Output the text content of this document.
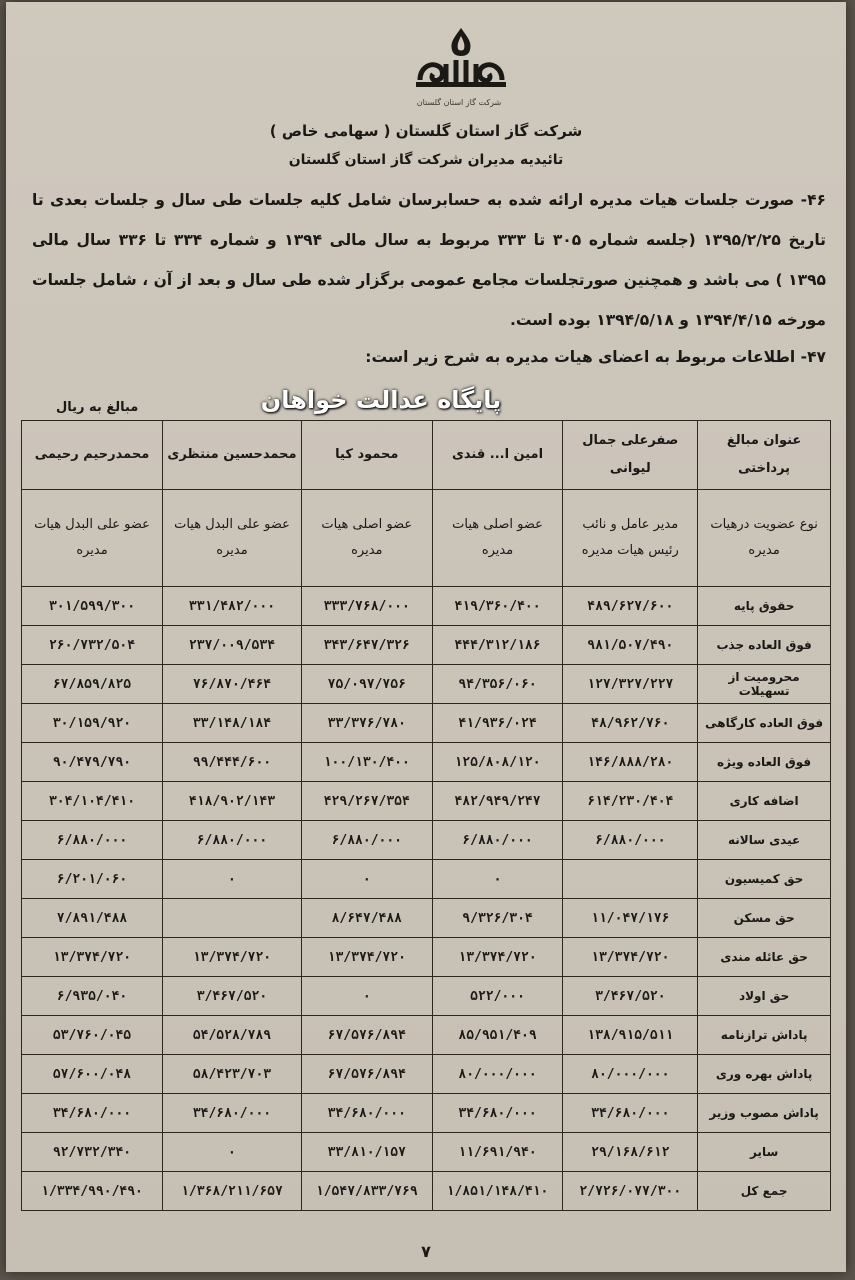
شرکت گاز استان گلستان
شرکت گاز استان گلستان ( سهامی خاص )
تائیدیه مدیران شرکت گاز استان گلستان
۴۶- صورت جلسات هیات مدیره ارائه شده به حسابرسان شامل کلیه جلسات طی سال و جلسات بعدی تا تاریخ ۱۳۹۵/۲/۲۵ (جلسه شماره ۳۰۵ تا ۳۳۳ مربوط به سال مالی ۱۳۹۴ و شماره ۳۳۴ تا ۳۳۶ سال مالی ۱۳۹۵ ) می باشد و همچنین صورتجلسات مجامع عمومی برگزار شده طی سال و بعد از آن ، شامل جلسات مورخه ۱۳۹۴/۴/۱۵ و ۱۳۹۴/۵/۱۸ بوده است.
۴۷- اطلاعات مربوط به اعضای هیات مدیره به شرح زیر است:
مبالغ به ریال
عنوان مبالغ پرداختی	صفرعلی جمال لیوانی	امین ا... قندی	محمود کیا	محمدحسین منتظری	محمدرحیم رحیمی
نوع عضویت درهیات مدیره	مدیر عامل و نائب رئیس هیات مدیره	عضو اصلی هیات مدیره	عضو اصلی هیات مدیره	عضو علی البدل هیات مدیره	عضو علی البدل هیات مدیره
حقوق پایه	۴۸۹/۶۲۷/۶۰۰	۴۱۹/۳۶۰/۴۰۰	۳۳۳/۷۶۸/۰۰۰	۳۳۱/۴۸۲/۰۰۰	۳۰۱/۵۹۹/۳۰۰
فوق العاده جذب	۹۸۱/۵۰۷/۴۹۰	۴۴۴/۳۱۲/۱۸۶	۳۴۳/۶۴۷/۳۲۶	۲۳۷/۰۰۹/۵۳۴	۲۶۰/۷۳۲/۵۰۴
محرومیت از تسهیلات	۱۲۷/۳۲۷/۲۲۷	۹۴/۳۵۶/۰۶۰	۷۵/۰۹۷/۷۵۶	۷۶/۸۷۰/۴۶۴	۶۷/۸۵۹/۸۲۵
فوق العاده کارگاهی	۴۸/۹۶۲/۷۶۰	۴۱/۹۳۶/۰۲۴	۳۳/۳۷۶/۷۸۰	۳۳/۱۴۸/۱۸۴	۳۰/۱۵۹/۹۲۰
فوق العاده ویژه	۱۴۶/۸۸۸/۲۸۰	۱۲۵/۸۰۸/۱۲۰	۱۰۰/۱۳۰/۴۰۰	۹۹/۴۴۴/۶۰۰	۹۰/۴۷۹/۷۹۰
اضافه کاری	۶۱۴/۲۳۰/۴۰۴	۴۸۲/۹۴۹/۲۴۷	۴۲۹/۲۶۷/۳۵۴	۴۱۸/۹۰۲/۱۴۳	۳۰۴/۱۰۴/۴۱۰
عیدی سالانه	۶/۸۸۰/۰۰۰	۶/۸۸۰/۰۰۰	۶/۸۸۰/۰۰۰	۶/۸۸۰/۰۰۰	۶/۸۸۰/۰۰۰
حق کمیسیون		۰	۰	۰	۶/۲۰۱/۰۶۰
حق مسکن	۱۱/۰۴۷/۱۷۶	۹/۳۲۶/۳۰۴	۸/۶۴۷/۴۸۸		۷/۸۹۱/۴۸۸
حق عائله مندی	۱۳/۳۷۴/۷۲۰	۱۳/۳۷۴/۷۲۰	۱۳/۳۷۴/۷۲۰	۱۳/۳۷۴/۷۲۰	۱۳/۳۷۴/۷۲۰
حق اولاد	۳/۴۶۷/۵۲۰	۵۲۲/۰۰۰	۰	۳/۴۶۷/۵۲۰	۶/۹۳۵/۰۴۰
پاداش ترازنامه	۱۳۸/۹۱۵/۵۱۱	۸۵/۹۵۱/۴۰۹	۶۷/۵۷۶/۸۹۴	۵۴/۵۲۸/۷۸۹	۵۳/۷۶۰/۰۴۵
پاداش بهره وری	۸۰/۰۰۰/۰۰۰	۸۰/۰۰۰/۰۰۰	۶۷/۵۷۶/۸۹۴	۵۸/۴۲۳/۷۰۳	۵۷/۶۰۰/۰۴۸
پاداش مصوب وزیر	۳۴/۶۸۰/۰۰۰	۳۴/۶۸۰/۰۰۰	۳۴/۶۸۰/۰۰۰	۳۴/۶۸۰/۰۰۰	۳۴/۶۸۰/۰۰۰
سایر	۲۹/۱۶۸/۶۱۲	۱۱/۶۹۱/۹۴۰	۳۳/۸۱۰/۱۵۷	۰	۹۲/۷۳۲/۳۴۰
جمع کل	۲/۷۲۶/۰۷۷/۳۰۰	۱/۸۵۱/۱۴۸/۴۱۰	۱/۵۴۷/۸۳۳/۷۶۹	۱/۳۶۸/۲۱۱/۶۵۷	۱/۳۳۴/۹۹۰/۴۹۰
پایگاه عدالت خواهان
۷
